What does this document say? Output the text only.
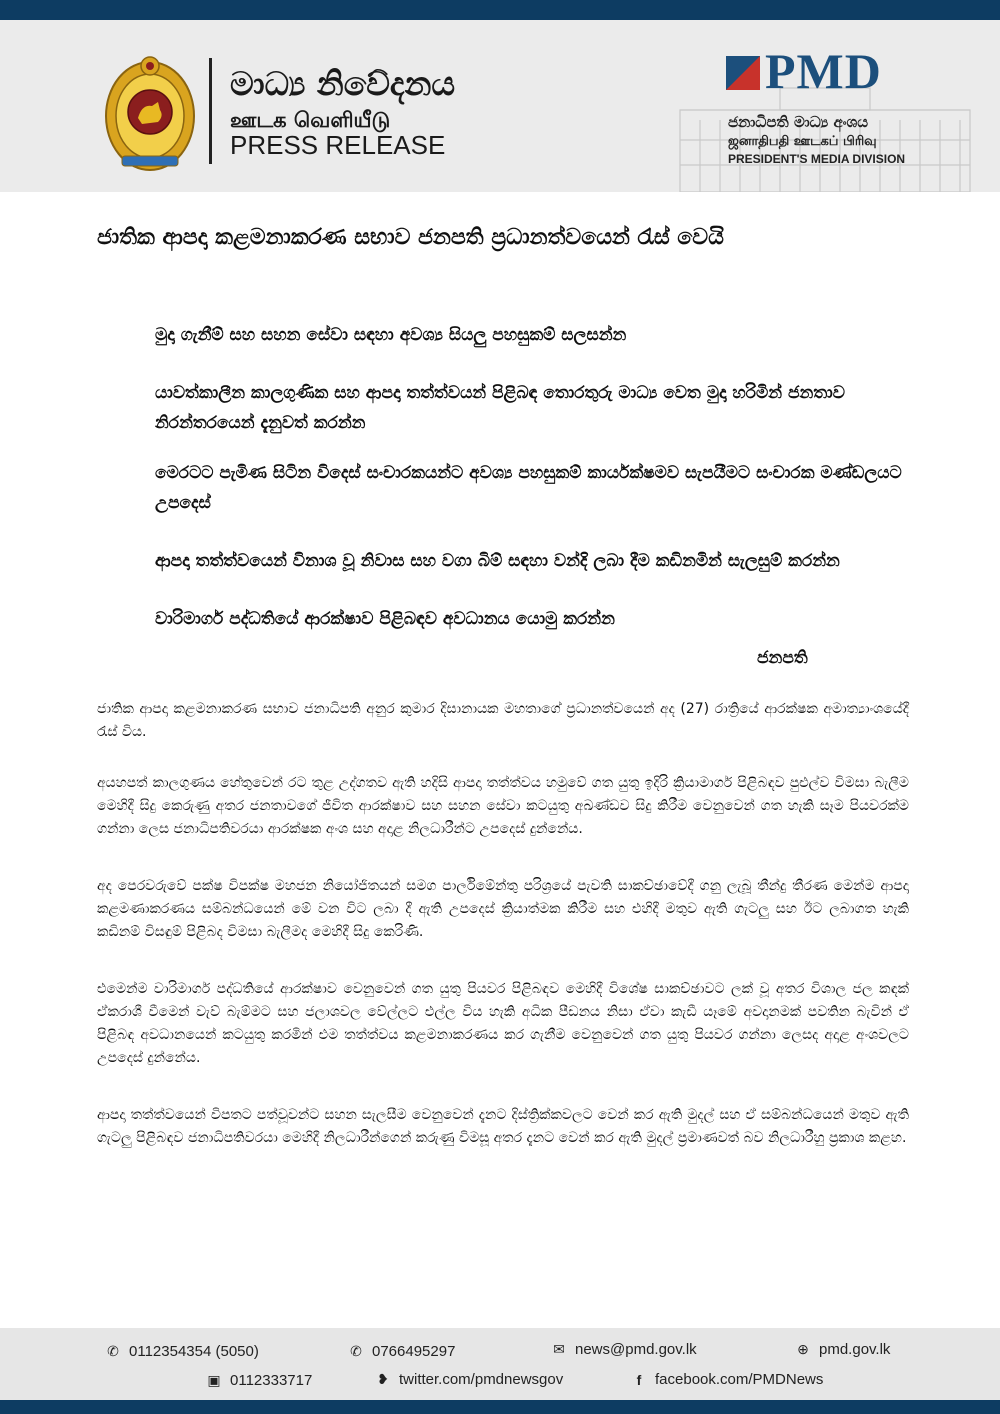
මාධ්‍ය නිවේදනය
ஊடக வெளியீடு
PRESS RELEASE
PMD
ජනාධිපති මාධ්‍ය අංශය
ஜனாதிபதி ஊடகப் பிரிவு
PRESIDENT'S MEDIA DIVISION
ජාතික ආපදා කළමනාකරණ සභාව ජනපති ප්‍රධානත්වයෙන් රැස් වෙයි

මුදා ගැනීම් සහ සහන සේවා සඳහා අවශ්‍ය සියලු පහසුකම් සලසන්න

යාවත්කාලීන කාලගුණික සහ ආපදා තත්ත්වයන් පිළිබඳ තොරතුරු මාධ්‍ය වෙත මුදා හරිමින් ජනතාව නිරන්තරයෙන් දැනුවත් කරන්න

මෙරටට පැමිණ සිටින විදෙස් සංචාරකයන්ට අවශ්‍ය පහසුකම් කාර්යක්ෂමව සැපයීමට සංචාරක මණ්ඩලයට උපදෙස්

ආපදා තත්ත්වයෙන් විනාශ වූ නිවාස සහ වගා බිම් සඳහා වන්දි ලබා දීම කඩිනමින් සැලසුම් කරන්න

වාරිමාර්ග පද්ධතියේ ආරක්ෂාව පිළිබඳව අවධානය යොමු කරන්න

ජනපති

ජාතික ආපදා කළමනාකරණ සභාව ජනාධිපති අනුර කුමාර දිසානායක මහතාගේ ප්‍රධානත්වයෙන් අද (27) රාත්‍රියේ ආරක්ෂක අමාත්‍යාංශයේදී රැස් විය.

අයහපත් කාලගුණය හේතුවෙන් රට තුළ උද්ගතව ඇති හදිසි ආපදා තත්ත්වය හමුවේ ගත යුතු ඉදිරි ක්‍රියාමාර්ග පිළිබඳව පුළුල්ව විමසා බැලීම මෙහිදී සිදු කෙරුණු අතර ජනතාවගේ ජීවිත ආරක්ෂාව සහ සහන සේවා කටයුතු අඛණ්ඩව සිදු කිරීම වෙනුවෙන් ගත හැකි සෑම පියවරක්ම ගන්නා ලෙස ජනාධිපතිවරයා ආරක්ෂක අංශ සහ අදාළ නිලධාරීන්ට උපදෙස් දුන්නේය.

අද පෙරවරුවේ පක්ෂ විපක්ෂ මහජන නියෝජිතයන් සමග පාර්ලිමේන්තු පරිශ්‍රයේ පැවති සාකච්ඡාවේදී ගනු ලැබූ තීන්දු තීරණ මෙන්ම ආපදා කළමණාකරණය සම්බන්ධයෙන් මේ වන විට ලබා දී ඇති උපදෙස් ක්‍රියාත්මක කිරීම සහ එහිදී මතුව ඇති ගැටලු සහ ඊට ලබාගත හැකි කඩිනම් විසඳුම් පිළිබද විමසා බැලීමද මෙහිදී සිදු කෙරිණි.

එමෙන්ම වාරිමාර්ග පද්ධතියේ ආරක්ෂාව වෙනුවෙන් ගත යුතු පියවර පිළිබඳව මෙහිදී විශේෂ සාකච්ඡාවට ලක් වූ අතර විශාල ජල කඳක් ඒකරාශී වීමෙන් වැව් බැම්මට සහ ජලාශවල වේල්ලට එල්ල විය හැකි අධික පීඩනය නිසා ඒවා කැඩී යෑමේ අවදානමක් පවතින බැවින් ඒ පිළිබඳ අවධානයෙන් කටයුතු කරමින් එම තත්ත්වය කළමනාකරණය කර ගැනීම වෙනුවෙන් ගත යුතු පියවර ගන්නා ලෙසද අදාළ අංශවලට උපදෙස් දුන්නේය.

ආපදා තත්ත්වයෙන් විපතට පත්වූවන්ට සහන සැලසීම වෙනුවෙන් දැනට දිස්ත්‍රික්කවලට වෙන් කර ඇති මුදල් සහ ඒ සම්බන්ධයෙන් මතුව ඇති ගැටලු පිළිබඳව ජනාධිපතිවරයා මෙහිදී නිලධාරීන්ගෙන් කරුණු විමසූ අතර දැනට වෙන් කර ඇති මුදල් ප්‍රමාණවත් බව නිලධාරීහු ප්‍රකාශ කළහ.

✆ 0112354354 (5050)	✆ 0766495297	✉ news@pmd.gov.lk	⊕ pmd.gov.lk
▣ 0112333717	❥ twitter.com/pmdnewsgov	f facebook.com/PMDNews
